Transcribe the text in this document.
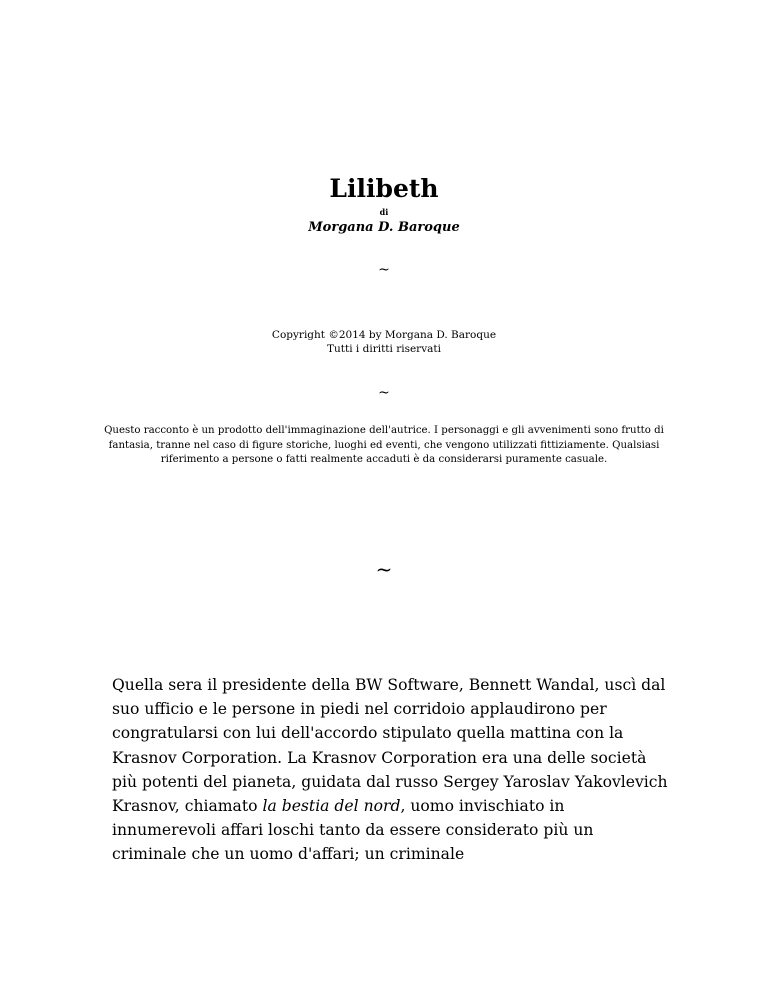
Lilibeth
di
Morgana D. Baroque
~
Copyright ©2014 by Morgana D. Baroque
Tutti i diritti riservati
~
Questo racconto è un prodotto dell'immaginazione dell'autrice. I personaggi e gli avvenimenti sono frutto di fantasia, tranne nel caso di figure storiche, luoghi ed eventi, che vengono utilizzati fittiziamente. Qualsiasi riferimento a persone o fatti realmente accaduti è da considerarsi puramente casuale.
~

Quella sera il presidente della BW Software, Bennett Wandal, uscì dal suo ufficio e le persone in piedi nel corridoio applaudirono per congratularsi con lui dell'accordo stipulato quella mattina con la Krasnov Corporation. La Krasnov Corporation era una delle società più potenti del pianeta, guidata dal russo Sergey Yaroslav Yakovlevich Krasnov, chiamato la bestia del nord, uomo invischiato in innumerevoli affari loschi tanto da essere considerato più un criminale che un uomo d'affari; un criminale
